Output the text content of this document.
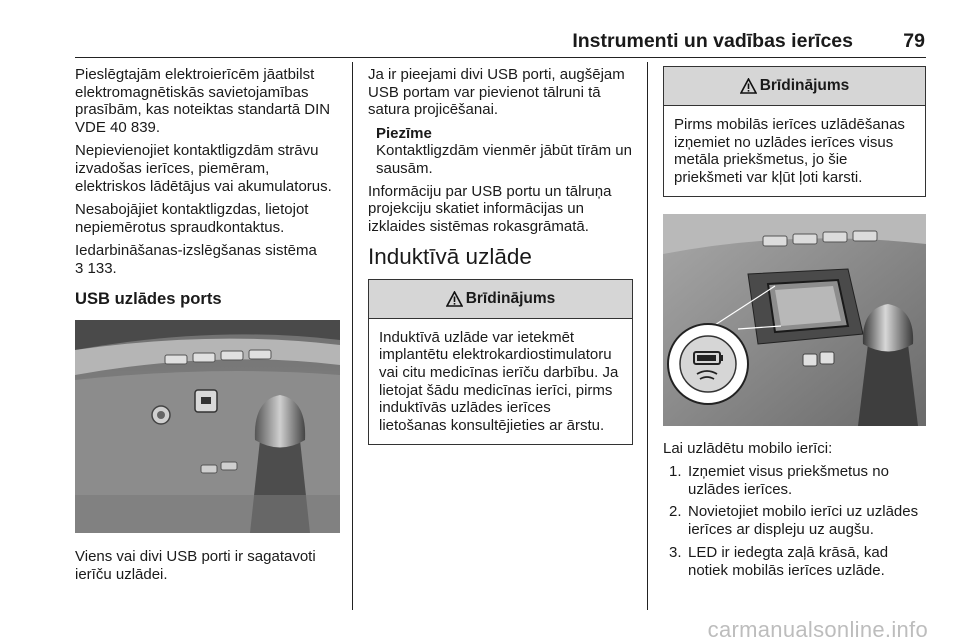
Instrumenti un vadības ierīces	79

Pieslēgtajām elektroierīcēm jāatbilst elektromagnētiskās savietojamības prasībām, kas noteiktas standartā DIN VDE 40 839.

Nepievienojiet kontaktligzdām strāvu izvadošas ierīces, piemēram, elektriskos lādētājus vai akumulatorus.

Nesabojājiet kontaktligzdas, lietojot nepiemērotus spraudkontaktus.

Iedarbināšanas-izslēgšanas sistēma
3 133.

USB uzlādes ports

Viens vai divi USB porti ir sagatavoti ierīču uzlādei.

Ja ir pieejami divi USB porti, augšējam USB portam var pievienot tālruni tā satura projicēšanai.

Piezīme
Kontaktligzdām vienmēr jābūt tīrām un sausām.

Informāciju par USB portu un tālruņa projekciju skatiet informācijas un izklaides sistēmas rokasgrāmatā.

Induktīvā uzlāde
Brīdinājums
Induktīvā uzlāde var ietekmēt implantētu elektrokardiostimulatoru vai citu medicīnas ierīču darbību. Ja lietojat šādu medicīnas ierīci, pirms induktīvās uzlādes ierīces lietošanas konsultējieties ar ārstu.
Brīdinājums
Pirms mobilās ierīces uzlādēšanas izņemiet no uzlādes ierīces visus metāla priekšmetus, jo šie priekšmeti var kļūt ļoti karsti.

Lai uzlādētu mobilo ierīci:

1. Izņemiet visus priekšmetus no uzlādes ierīces.
2. Novietojiet mobilo ierīci uz uzlādes ierīces ar displeju uz augšu.
3. LED ir iedegta zaļā krāsā, kad notiek mobilās ierīces uzlāde.
carmanualsonline.info
